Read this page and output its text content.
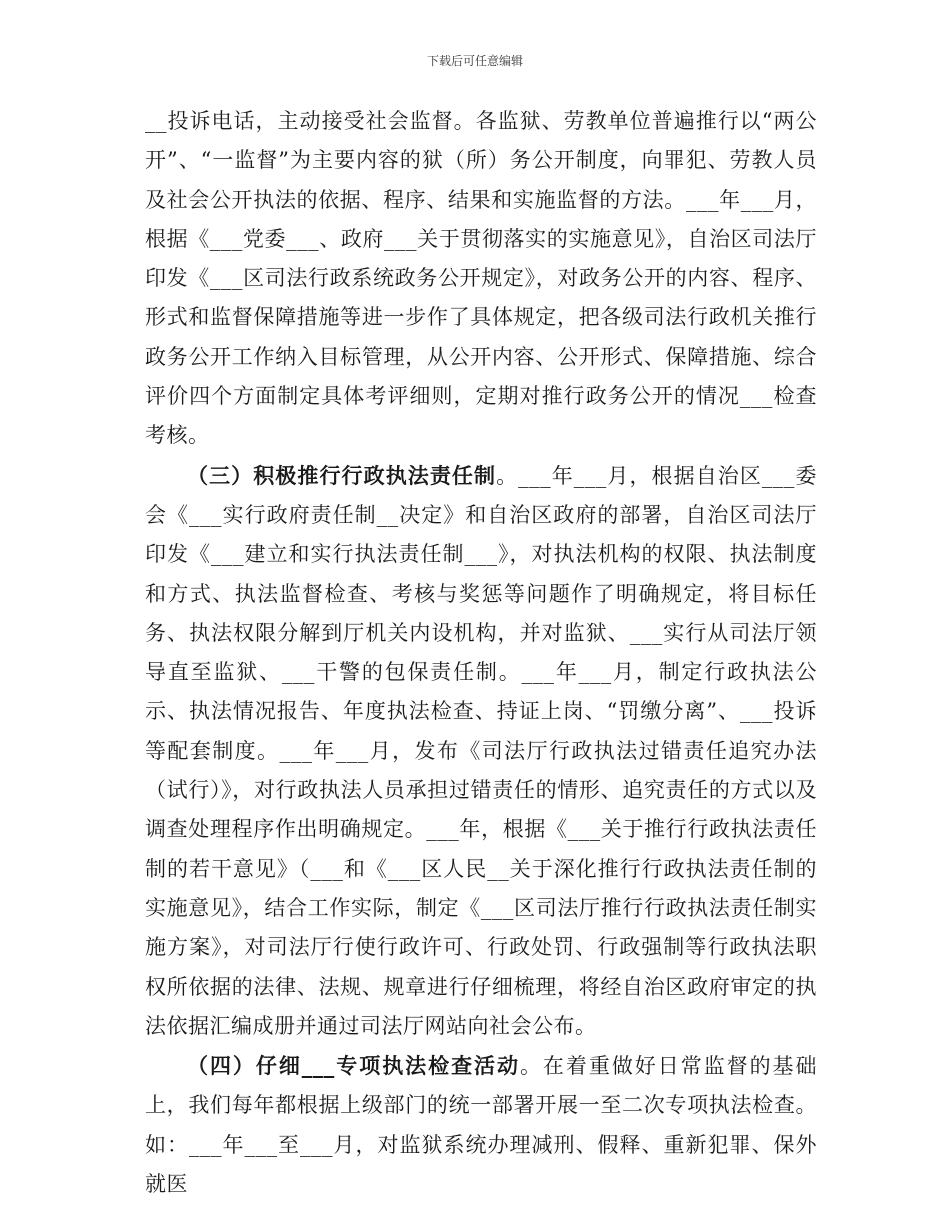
下载后可任意编辑

__投诉电话，主动接受社会监督。各监狱、劳教单位普遍推行以“两公开”、“一监督”为主要内容的狱（所）务公开制度，向罪犯、劳教人员及社会公开执法的依据、程序、结果和实施监督的方法。___年___月，根据《___党委___、政府___关于贯彻落实的实施意见》，自治区司法厅印发《___区司法行政系统政务公开规定》，对政务公开的内容、程序、形式和监督保障措施等进一步作了具体规定，把各级司法行政机关推行政务公开工作纳入目标管理，从公开内容、公开形式、保障措施、综合评价四个方面制定具体考评细则，定期对推行政务公开的情况___检查考核。

（三）积极推行行政执法责任制。___年___月，根据自治区___委会《___实行政府责任制__决定》和自治区政府的部署，自治区司法厅印发《___建立和实行执法责任制___》，对执法机构的权限、执法制度和方式、执法监督检查、考核与奖惩等问题作了明确规定，将目标任务、执法权限分解到厅机关内设机构，并对监狱、___实行从司法厅领导直至监狱、___干警的包保责任制。___年___月，制定行政执法公示、执法情况报告、年度执法检查、持证上岗、“罚缴分离”、___投诉等配套制度。___年___月，发布《司法厅行政执法过错责任追究办法（试行）》，对行政执法人员承担过错责任的情形、追究责任的方式以及调查处理程序作出明确规定。___年，根据《___关于推行行政执法责任制的若干意见》（___和《___区人民__关于深化推行行政执法责任制的实施意见》，结合工作实际，制定《___区司法厅推行行政执法责任制实施方案》，对司法厅行使行政许可、行政处罚、行政强制等行政执法职权所依据的法律、法规、规章进行仔细梳理，将经自治区政府审定的执法依据汇编成册并通过司法厅网站向社会公布。

（四）仔细___专项执法检查活动。在着重做好日常监督的基础上，我们每年都根据上级部门的统一部署开展一至二次专项执法检查。如：___年___至___月，对监狱系统办理减刑、假释、重新犯罪、保外就医
